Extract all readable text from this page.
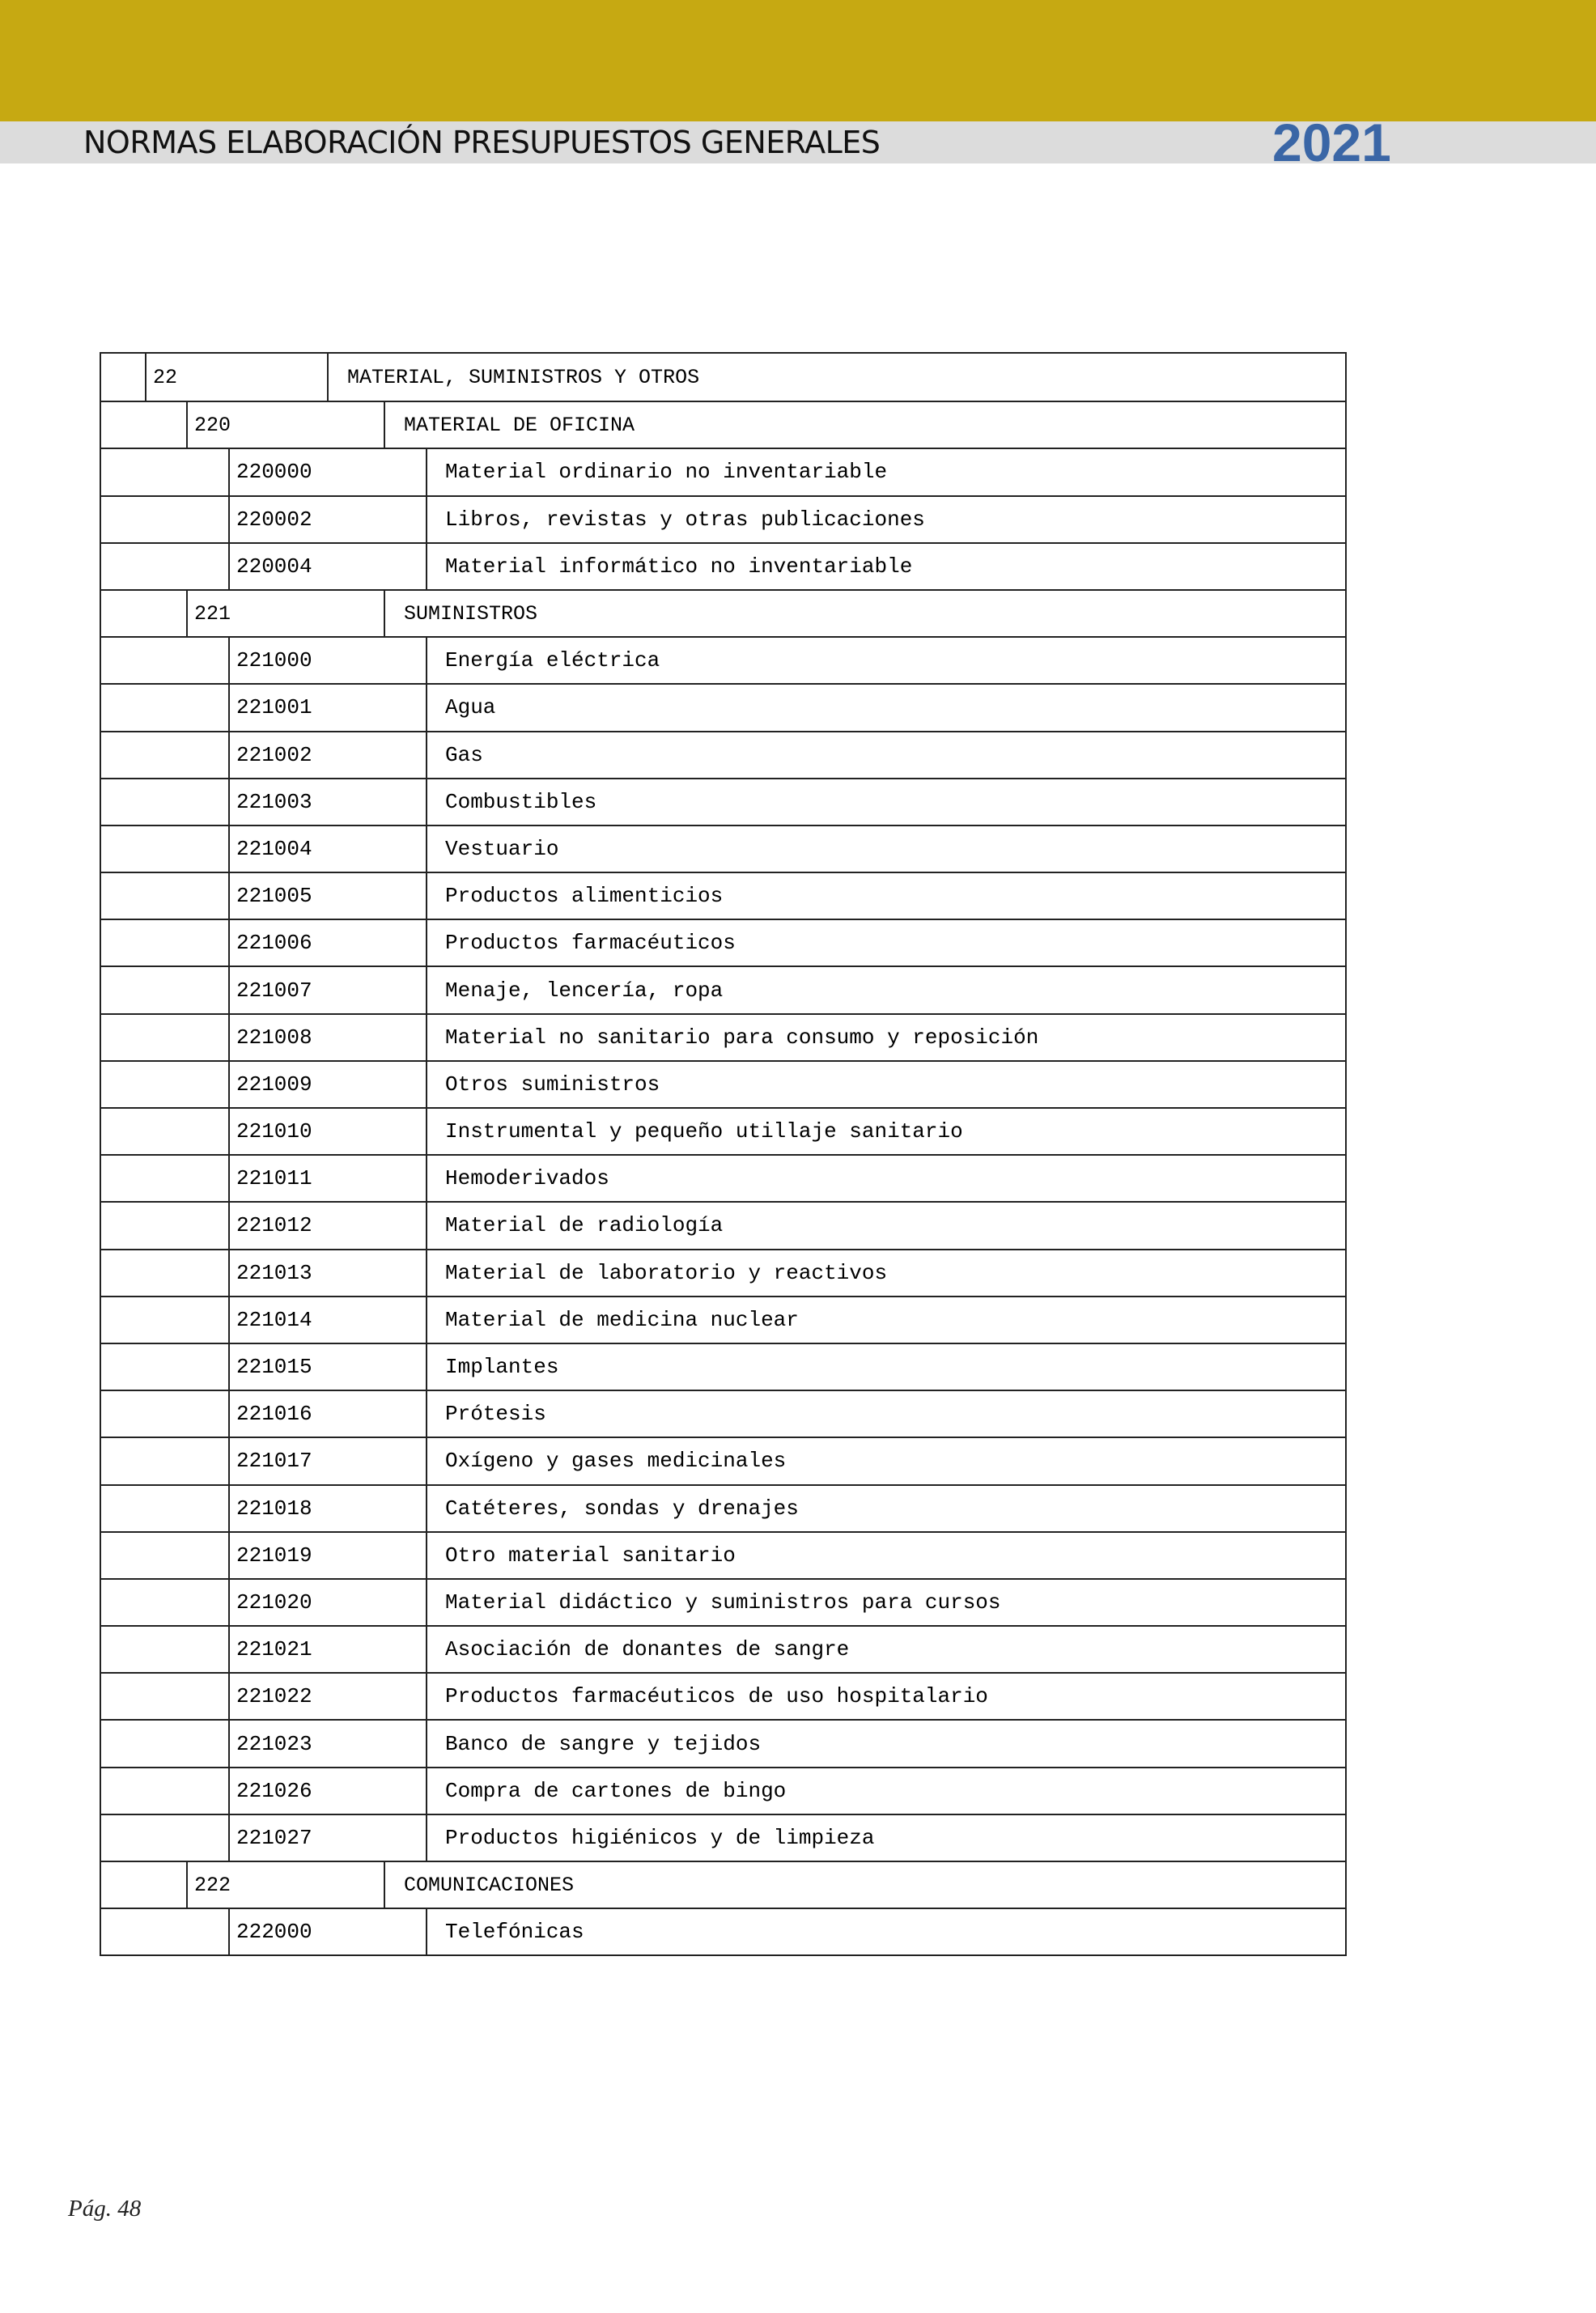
NORMAS ELABORACIÓN PRESUPUESTOS GENERALES	2021
22	MATERIAL, SUMINISTROS Y OTROS
220	MATERIAL DE OFICINA
220000	Material ordinario no inventariable
220002	Libros, revistas y otras publicaciones
220004	Material informático no inventariable
221	SUMINISTROS
221000	Energía eléctrica
221001	Agua
221002	Gas
221003	Combustibles
221004	Vestuario
221005	Productos alimenticios
221006	Productos farmacéuticos
221007	Menaje, lencería, ropa
221008	Material no sanitario para consumo y reposición
221009	Otros suministros
221010	Instrumental y pequeño utillaje sanitario
221011	Hemoderivados
221012	Material de radiología
221013	Material de laboratorio y reactivos
221014	Material de medicina nuclear
221015	Implantes
221016	Prótesis
221017	Oxígeno y gases medicinales
221018	Catéteres, sondas y drenajes
221019	Otro material sanitario
221020	Material didáctico y suministros para cursos
221021	Asociación de donantes de sangre
221022	Productos farmacéuticos de uso hospitalario
221023	Banco de sangre y tejidos
221026	Compra de cartones de bingo
221027	Productos higiénicos y de limpieza
222	COMUNICACIONES
222000	Telefónicas
Pág. 48
